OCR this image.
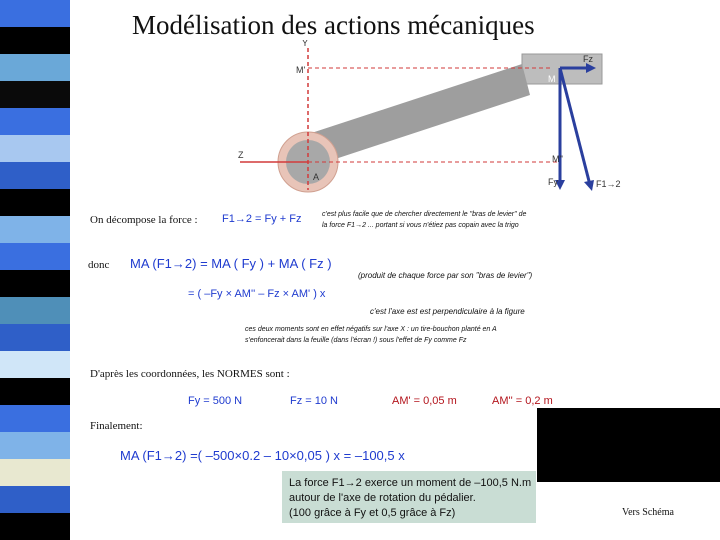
Modélisation des actions mécaniques
Y
M'
Fz
M
Z
A
M''
Fy	F1→2
On décompose la force : F1→2 = Fy + Fz	c'est plus facile que de chercher directement le "bras de levier" de
la force F1→2 ... portant si vous n'étiez pas copain avec la trigo
donc MA (F1→2) = MA ( Fy ) + MA ( Fz )
(produit de chaque force par son "bras de levier")
= ( –Fy × AM'' – Fz × AM' ) x
c'est l'axe est est perpendiculaire à la figure
ces deux moments sont en effet négatifs sur l'axe X : un tire-bouchon planté en A
s'enfoncerait dans la feuille (dans l'écran !) sous l'effet de Fy comme Fz
D'après les coordonnées, les NORMES sont :
Fy = 500 N	Fz = 10 N	AM' = 0,05 m	AM'' = 0,2 m
Finalement:
MA (F1→2) =( –500×0.2 – 10×0,05 ) x = –100,5 x
La force F1→2 exerce un moment de –100,5 N.m
autour de l'axe de rotation du pédalier.
(100 grâce à Fy et 0,5 grâce à Fz)	Vers Schéma
